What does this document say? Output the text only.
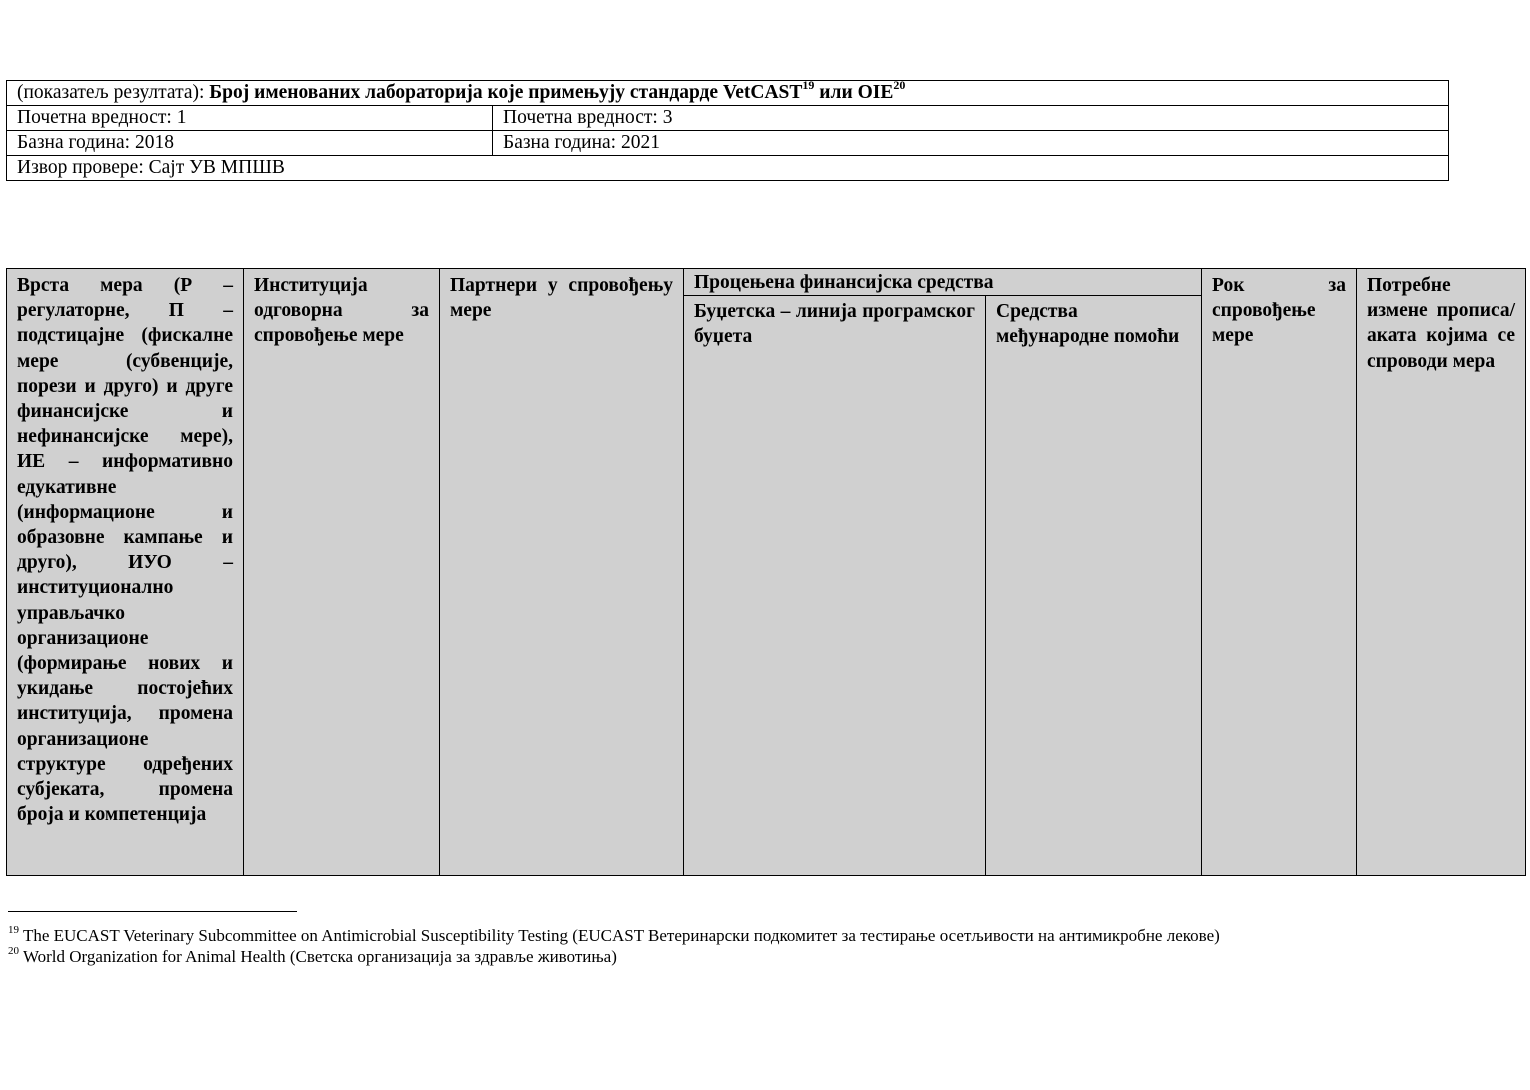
(показатељ резултата): Број именованих лабораторија које примењују стандарде VetCAST$^{19}$ или OIE$^{20}$
Почетна вредност: 1	Почетна вредност: 3
Базна година: 2018	Базна година: 2021
Извор провере: Сајт УВ МПШВ	
Врста мера (Р – регулаторне, П – подстицајне (фискалне мере (субвенције, порези и друго) и друге финансијске и нефинансијске мере), ИЕ – информативно едукативне (информационе и образовне кампање и друго), ИУО – институционално управљачко организационе (формирање нових и укидање постојећих институција, промена организационе структуре одређених субјеката, промена броја и компетенција	Институција одговорна за спровођење мере	Партнери у спровођењу мере	Процењена финансијска средства		Рок за спровођење мере	Потребне измене прописа/аката којима се спроводи мера
			Буџетска – линија програмског буџета	Средства међународне помоћи		
$^{19}$ The EUCAST Veterinary Subcommittee on Antimicrobial Susceptibility Testing (EUCAST Ветеринарски подкомитет за тестирање осетљивости на антимикробне лекове)
$^{20}$ World Organization for Animal Health (Светска организација за здравље животиња)
